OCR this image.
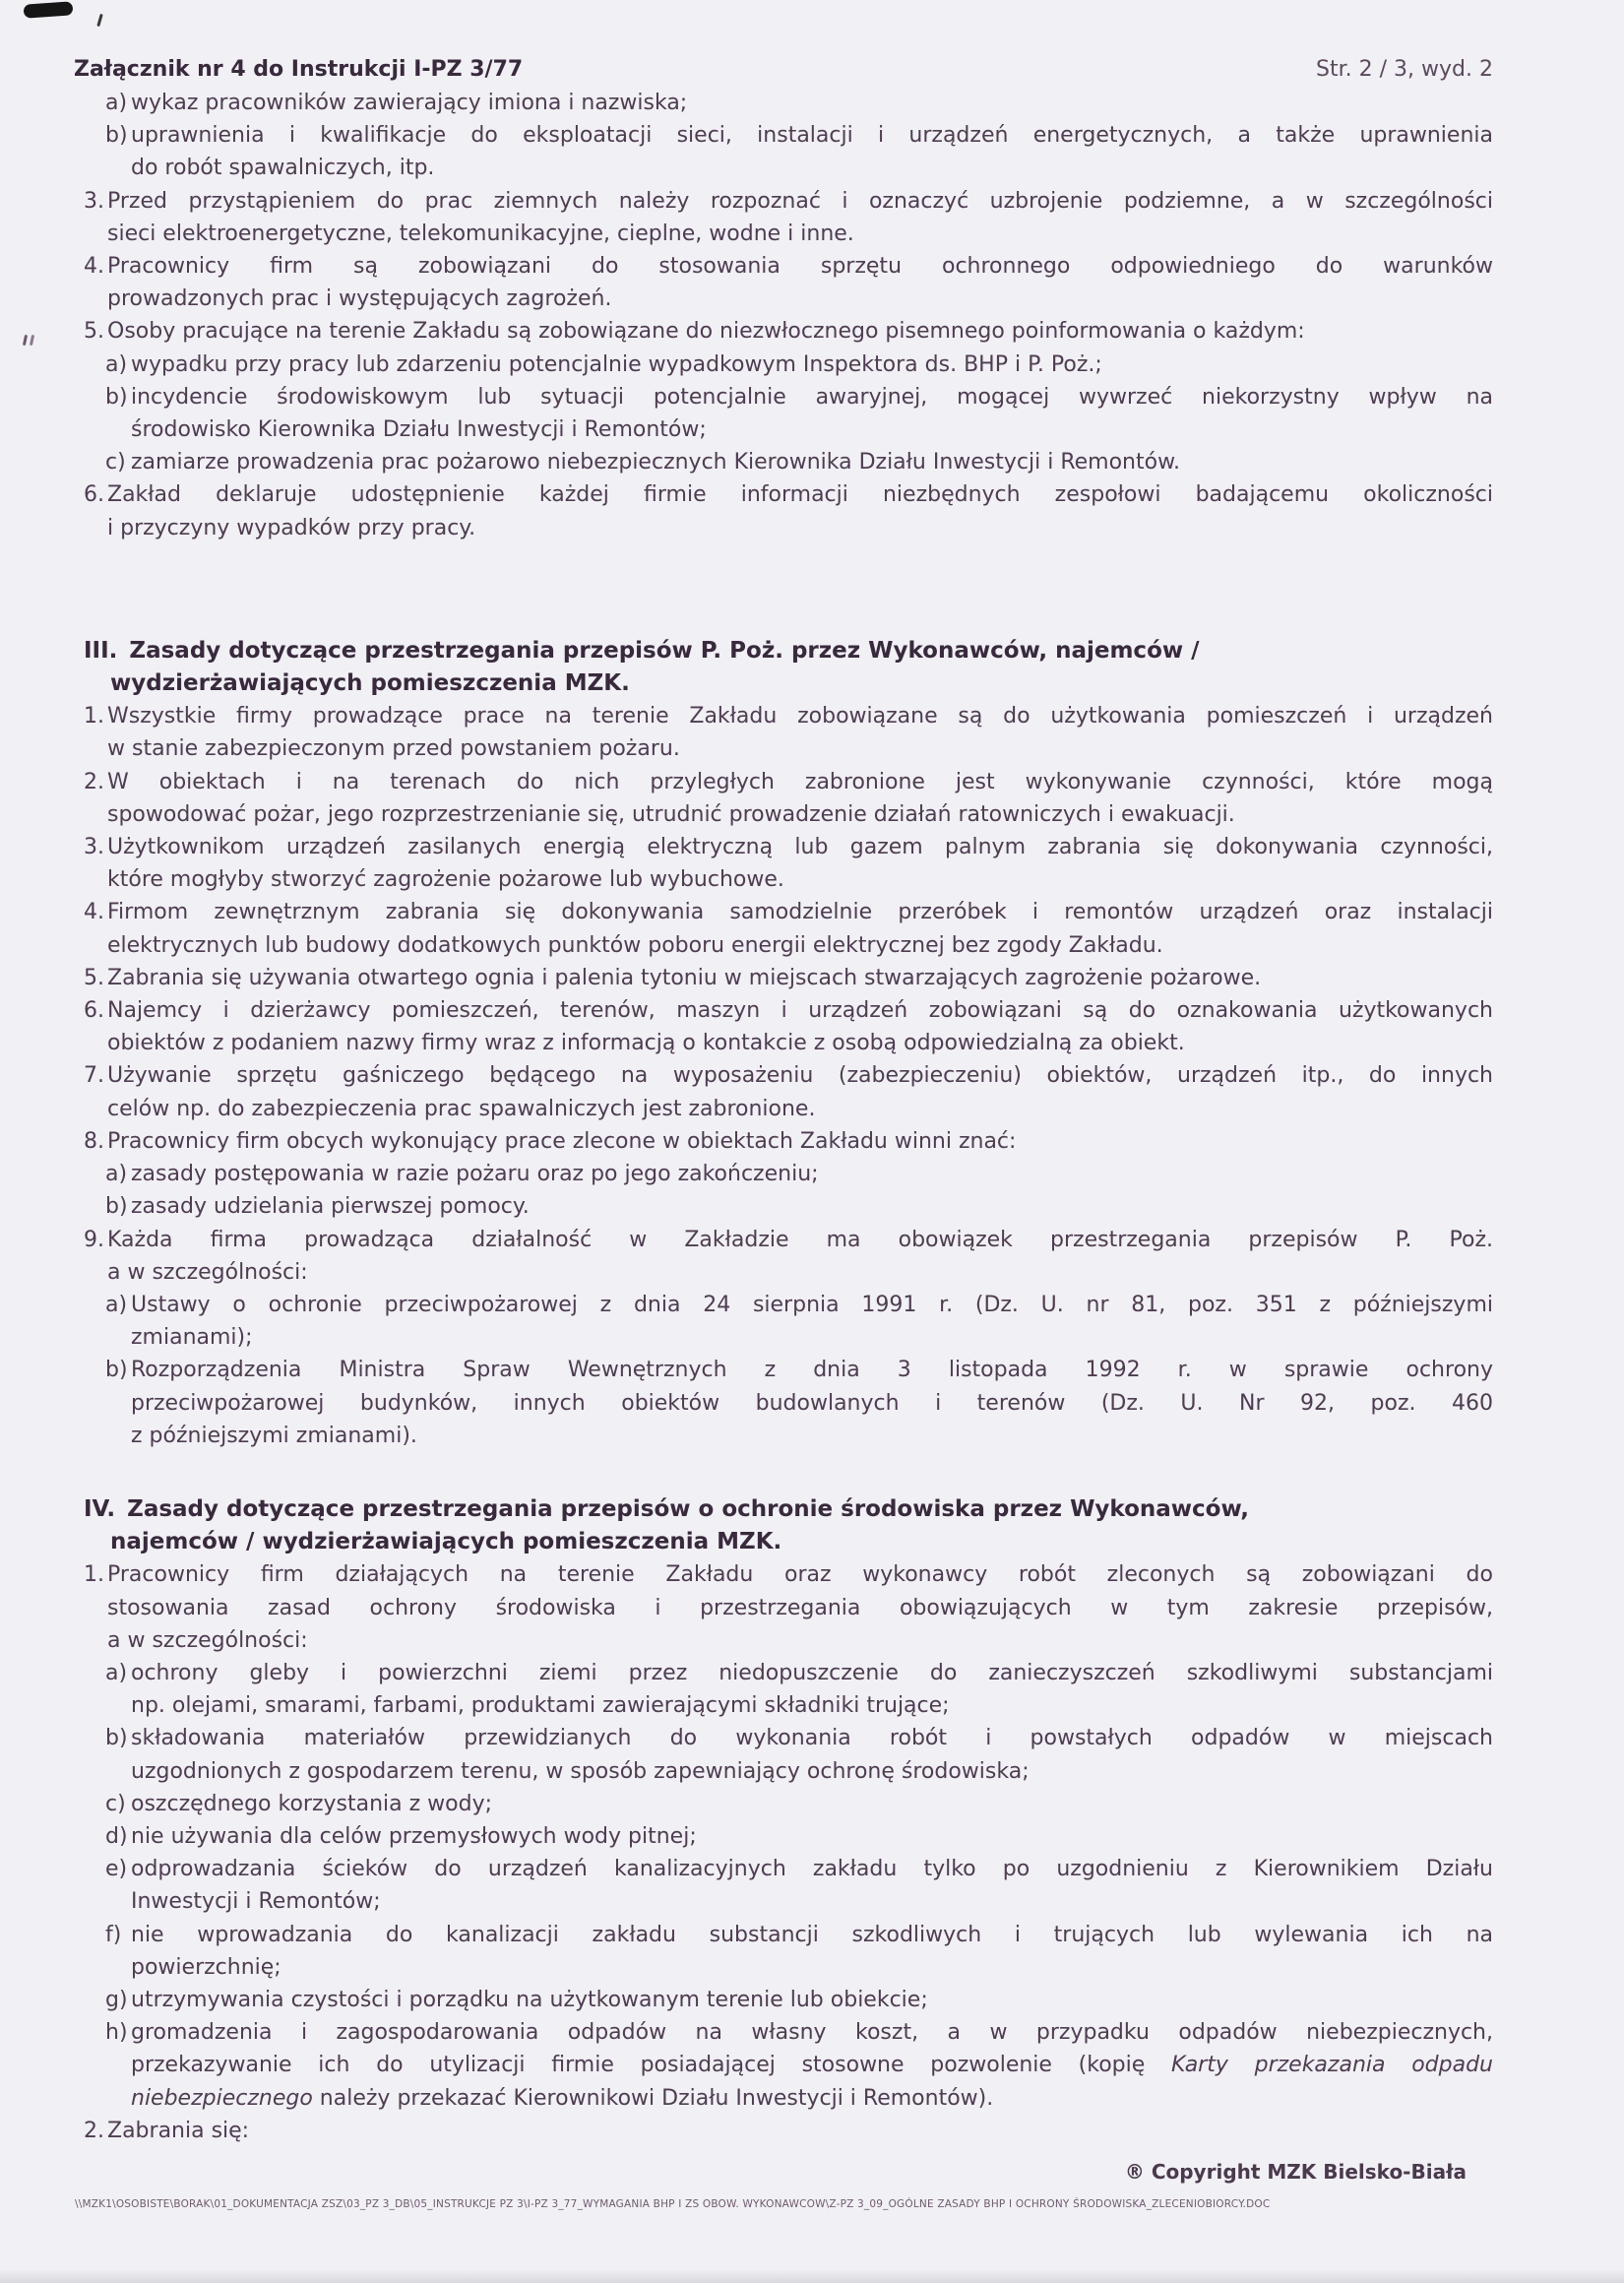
Załącznik nr 4 do Instrukcji I-PZ 3/77	Str. 2 / 3, wyd. 2
a) wykaz pracowników zawierający imiona i nazwiska;
b) uprawnienia i kwalifikacje do eksploatacji sieci, instalacji i urządzeń energetycznych, a także uprawnienia
do robót spawalniczych, itp.
3. Przed przystąpieniem do prac ziemnych należy rozpoznać i oznaczyć uzbrojenie podziemne, a w szczególności
sieci elektroenergetyczne, telekomunikacyjne, cieplne, wodne i inne.
4. Pracownicy firm są zobowiązani do stosowania sprzętu ochronnego odpowiedniego do warunków
prowadzonych prac i występujących zagrożeń.
5. Osoby pracujące na terenie Zakładu są zobowiązane do niezwłocznego pisemnego poinformowania o każdym:
a) wypadku przy pracy lub zdarzeniu potencjalnie wypadkowym Inspektora ds. BHP i P. Poż.;
b) incydencie środowiskowym lub sytuacji potencjalnie awaryjnej, mogącej wywrzeć niekorzystny wpływ na
środowisko Kierownika Działu Inwestycji i Remontów;
c) zamiarze prowadzenia prac pożarowo niebezpiecznych Kierownika Działu Inwestycji i Remontów.
6. Zakład deklaruje udostępnienie każdej firmie informacji niezbędnych zespołowi badającemu okoliczności
i przyczyny wypadków przy pracy.
III. Zasady dotyczące przestrzegania przepisów P. Poż. przez Wykonawców, najemców /
wydzierżawiających pomieszczenia MZK.
1. Wszystkie firmy prowadzące prace na terenie Zakładu zobowiązane są do użytkowania pomieszczeń i urządzeń
w stanie zabezpieczonym przed powstaniem pożaru.
2. W obiektach i na terenach do nich przyległych zabronione jest wykonywanie czynności, które mogą
spowodować pożar, jego rozprzestrzenianie się, utrudnić prowadzenie działań ratowniczych i ewakuacji.
3. Użytkownikom urządzeń zasilanych energią elektryczną lub gazem palnym zabrania się dokonywania czynności,
które mogłyby stworzyć zagrożenie pożarowe lub wybuchowe.
4. Firmom zewnętrznym zabrania się dokonywania samodzielnie przeróbek i remontów urządzeń oraz instalacji
elektrycznych lub budowy dodatkowych punktów poboru energii elektrycznej bez zgody Zakładu.
5. Zabrania się używania otwartego ognia i palenia tytoniu w miejscach stwarzających zagrożenie pożarowe.
6. Najemcy i dzierżawcy pomieszczeń, terenów, maszyn i urządzeń zobowiązani są do oznakowania użytkowanych
obiektów z podaniem nazwy firmy wraz z informacją o kontakcie z osobą odpowiedzialną za obiekt.
7. Używanie sprzętu gaśniczego będącego na wyposażeniu (zabezpieczeniu) obiektów, urządzeń itp., do innych
celów np. do zabezpieczenia prac spawalniczych jest zabronione.
8. Pracownicy firm obcych wykonujący prace zlecone w obiektach Zakładu winni znać:
a) zasady postępowania w razie pożaru oraz po jego zakończeniu;
b) zasady udzielania pierwszej pomocy.
9. Każda firma prowadząca działalność w Zakładzie ma obowiązek przestrzegania przepisów P. Poż.
a w szczególności:
a) Ustawy o ochronie przeciwpożarowej z dnia 24 sierpnia 1991 r. (Dz. U. nr 81, poz. 351 z późniejszymi
zmianami);
b) Rozporządzenia Ministra Spraw Wewnętrznych z dnia 3 listopada 1992 r. w sprawie ochrony
przeciwpożarowej budynków, innych obiektów budowlanych i terenów (Dz. U. Nr 92, poz. 460
z późniejszymi zmianami).
IV. Zasady dotyczące przestrzegania przepisów o ochronie środowiska przez Wykonawców,
najemców / wydzierżawiających pomieszczenia MZK.
1. Pracownicy firm działających na terenie Zakładu oraz wykonawcy robót zleconych są zobowiązani do
stosowania zasad ochrony środowiska i przestrzegania obowiązujących w tym zakresie przepisów,
a w szczególności:
a) ochrony gleby i powierzchni ziemi przez niedopuszczenie do zanieczyszczeń szkodliwymi substancjami
np. olejami, smarami, farbami, produktami zawierającymi składniki trujące;
b) składowania materiałów przewidzianych do wykonania robót i powstałych odpadów w miejscach
uzgodnionych z gospodarzem terenu, w sposób zapewniający ochronę środowiska;
c) oszczędnego korzystania z wody;
d) nie używania dla celów przemysłowych wody pitnej;
e) odprowadzania ścieków do urządzeń kanalizacyjnych zakładu tylko po uzgodnieniu z Kierownikiem Działu
Inwestycji i Remontów;
f) nie wprowadzania do kanalizacji zakładu substancji szkodliwych i trujących lub wylewania ich na
powierzchnię;
g) utrzymywania czystości i porządku na użytkowanym terenie lub obiekcie;
h) gromadzenia i zagospodarowania odpadów na własny koszt, a w przypadku odpadów niebezpiecznych,
przekazywanie ich do utylizacji firmie posiadającej stosowne pozwolenie (kopię Karty przekazania odpadu
niebezpiecznego należy przekazać Kierownikowi Działu Inwestycji i Remontów).
2. Zabrania się:
\\MZK1\OSOBISTE\BORAK\01_DOKUMENTACJA ZSZ\03_PZ 3_DB\05_INSTRUKCJE PZ 3\I-PZ 3_77_WYMAGANIA BHP I ZS OBOW. WYKONAWCOW\Z-PZ 3_09_OGÓLNE ZASADY BHP I OCHRONY ŚRODOWISKA_ZLECENIOBIORCY.DOC
® Copyright MZK Bielsko-Biała
